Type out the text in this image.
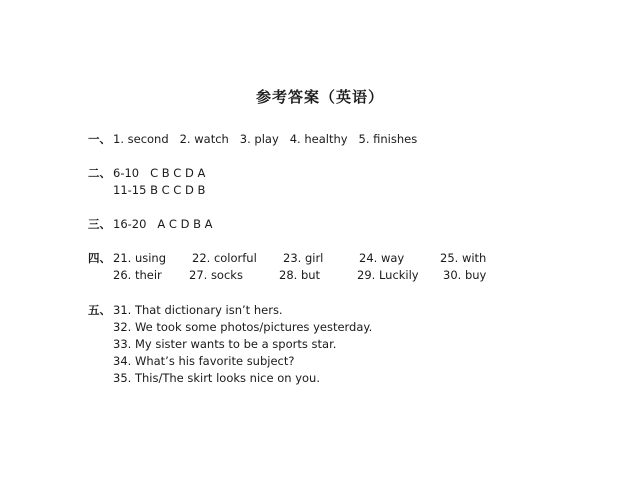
参考答案（英语）
一、 1. second   2. watch   3. play   4. healthy   5. finishes
二、 6-10   C B C D A
11-15 B C C D B
三、 16-20   A C D B A
四、 21. using 22. colorful 23. girl	24. way	25. with
26. their 27. socks	28. but	29. Luckily 30. buy
五、 31. That dictionary isn’t hers.
32. We took some photos/pictures yesterday.
33. My sister wants to be a sports star.
34. What’s his favorite subject?
35. This/The skirt looks nice on you.
